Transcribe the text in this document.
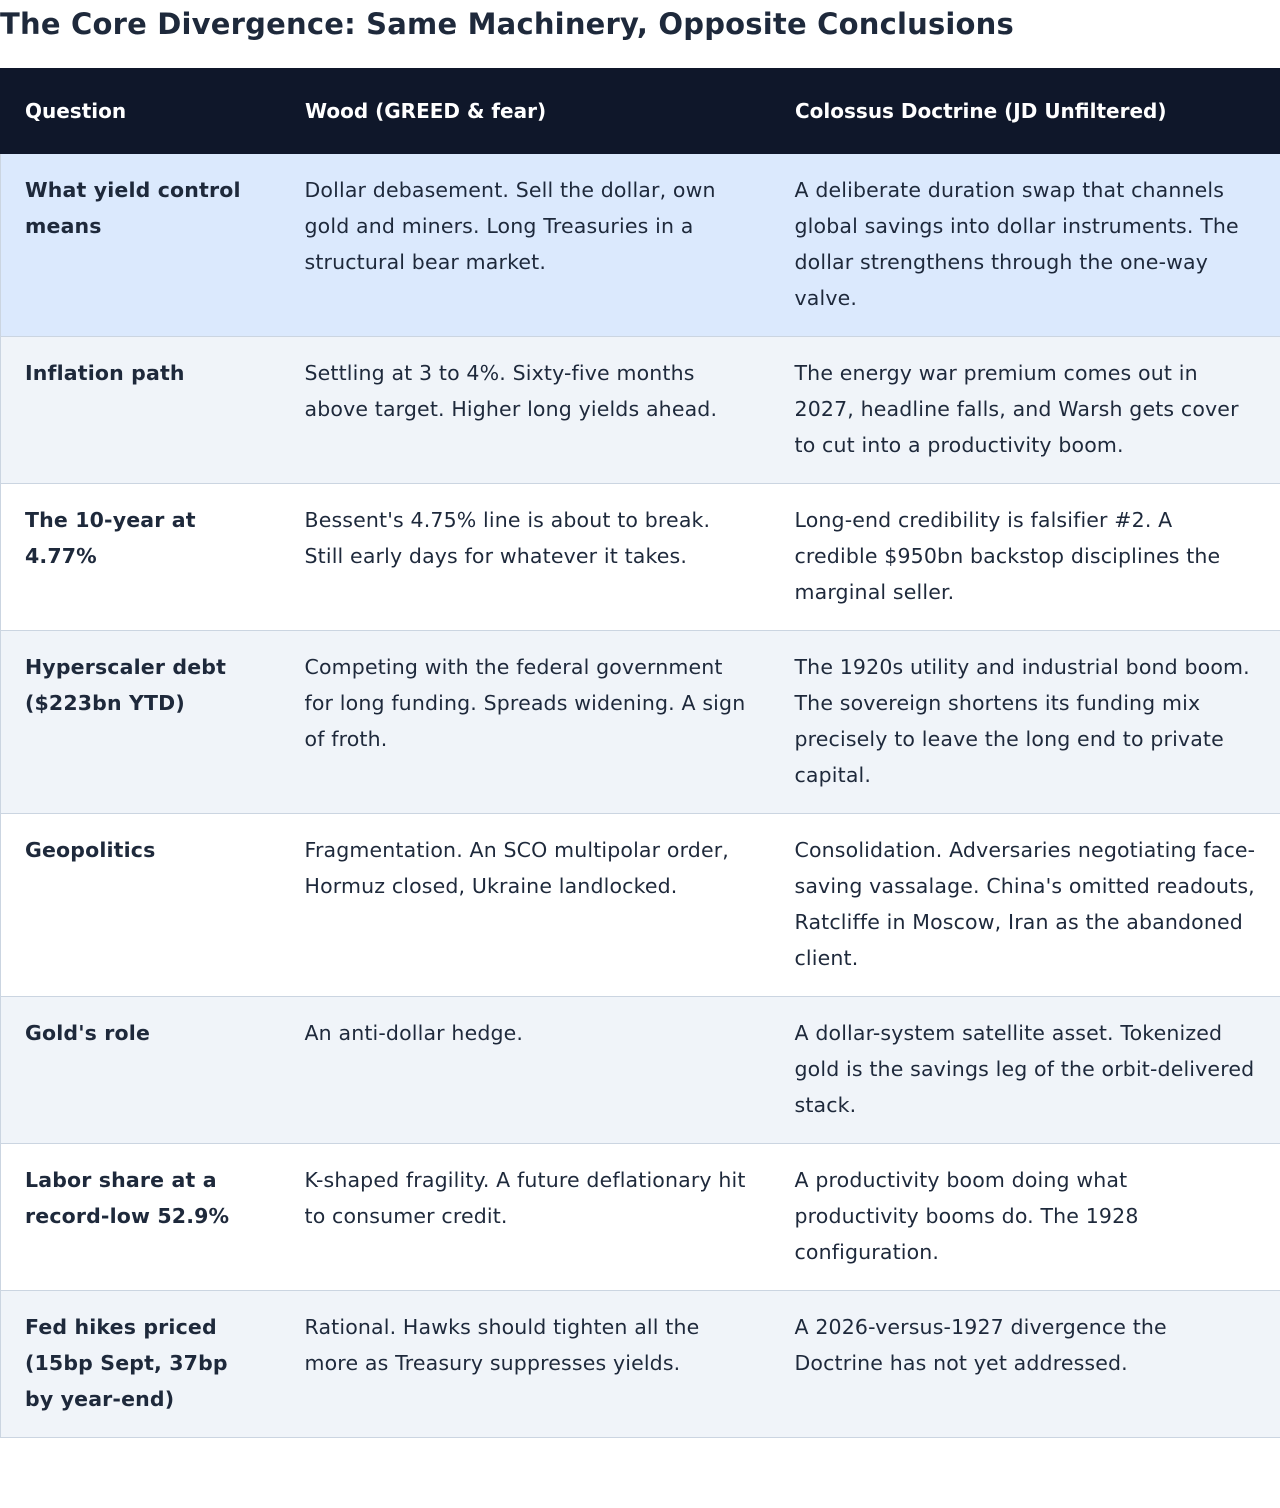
The Core Divergence: Same Machinery, Opposite Conclusions
Question	Wood (GREED & fear)	Colossus Doctrine (JD Unfiltered)
What yield control means	Dollar debasement. Sell the dollar, own gold and miners. Long Treasuries in a structural bear market.	A deliberate duration swap that channels global savings into dollar instruments. The dollar strengthens through the one-way valve.
Inflation path	Settling at 3 to 4%. Sixty-five months above target. Higher long yields ahead.	The energy war premium comes out in 2027, headline falls, and Warsh gets cover to cut into a productivity boom.
The 10-year at 4.77%	Bessent's 4.75% line is about to break. Still early days for whatever it takes.	Long-end credibility is falsifier #2. A credible $950bn backstop disciplines the marginal seller.
Hyperscaler debt ($223bn YTD)	Competing with the federal government for long funding. Spreads widening. A sign of froth.	The 1920s utility and industrial bond boom. The sovereign shortens its funding mix precisely to leave the long end to private capital.
Geopolitics	Fragmentation. An SCO multipolar order, Hormuz closed, Ukraine landlocked.	Consolidation. Adversaries negotiating face-saving vassalage. China's omitted readouts, Ratcliffe in Moscow, Iran as the abandoned client.
Gold's role	An anti-dollar hedge.	A dollar-system satellite asset. Tokenized gold is the savings leg of the orbit-delivered stack.
Labor share at a record-low 52.9%	K-shaped fragility. A future deflationary hit to consumer credit.	A productivity boom doing what productivity booms do. The 1928 configuration.
Fed hikes priced (15bp Sept, 37bp by year-end)	Rational. Hawks should tighten all the more as Treasury suppresses yields.	A 2026-versus-1927 divergence the Doctrine has not yet addressed.
